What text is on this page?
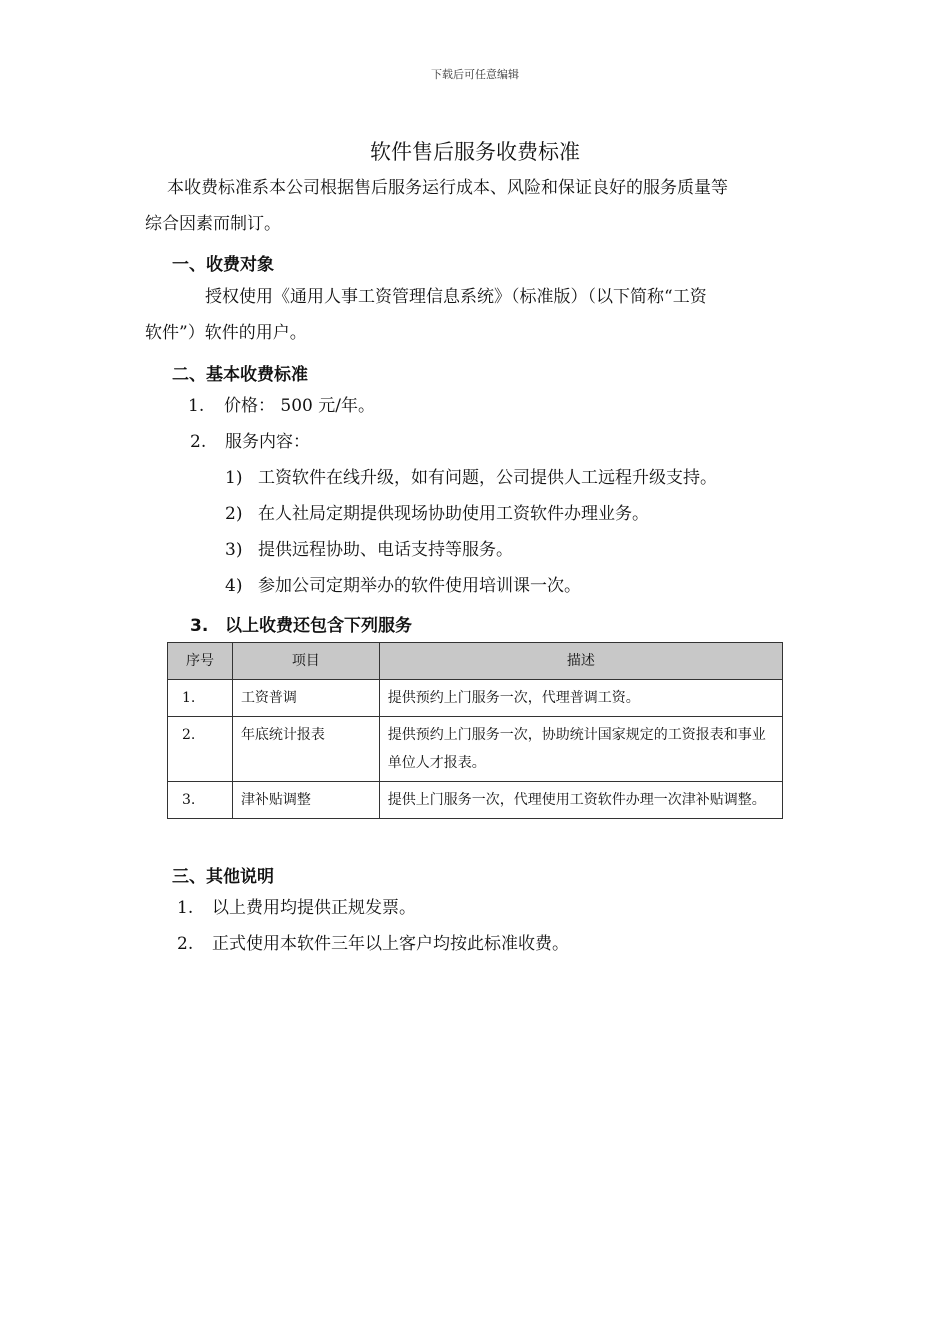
下载后可任意编辑
软件售后服务收费标准
本收费标准系本公司根据售后服务运行成本、风险和保证良好的服务质量等
综合因素而制订。
一、收费对象
授权使用《通用人事工资管理信息系统》（标准版）（以下简称“工资
软件”）软件的用户。
二、基本收费标准
1. 价格： 500 元/年。
2. 服务内容：
1) 工资软件在线升级，如有问题，公司提供人工远程升级支持。
2) 在人社局定期提供现场协助使用工资软件办理业务。
3) 提供远程协助、电话支持等服务。
4) 参加公司定期举办的软件使用培训课一次。
3. 以上收费还包含下列服务
序号	项目	描述
1.	工资普调	提供预约上门服务一次，代理普调工资。
2.	年底统计报表	提供预约上门服务一次，协助统计国家规定的工资报表和事业单位人才报表。
3.	津补贴调整	提供上门服务一次，代理使用工资软件办理一次津补贴调整。
三、其他说明
1. 以上费用均提供正规发票。
2. 正式使用本软件三年以上客户均按此标准收费。
